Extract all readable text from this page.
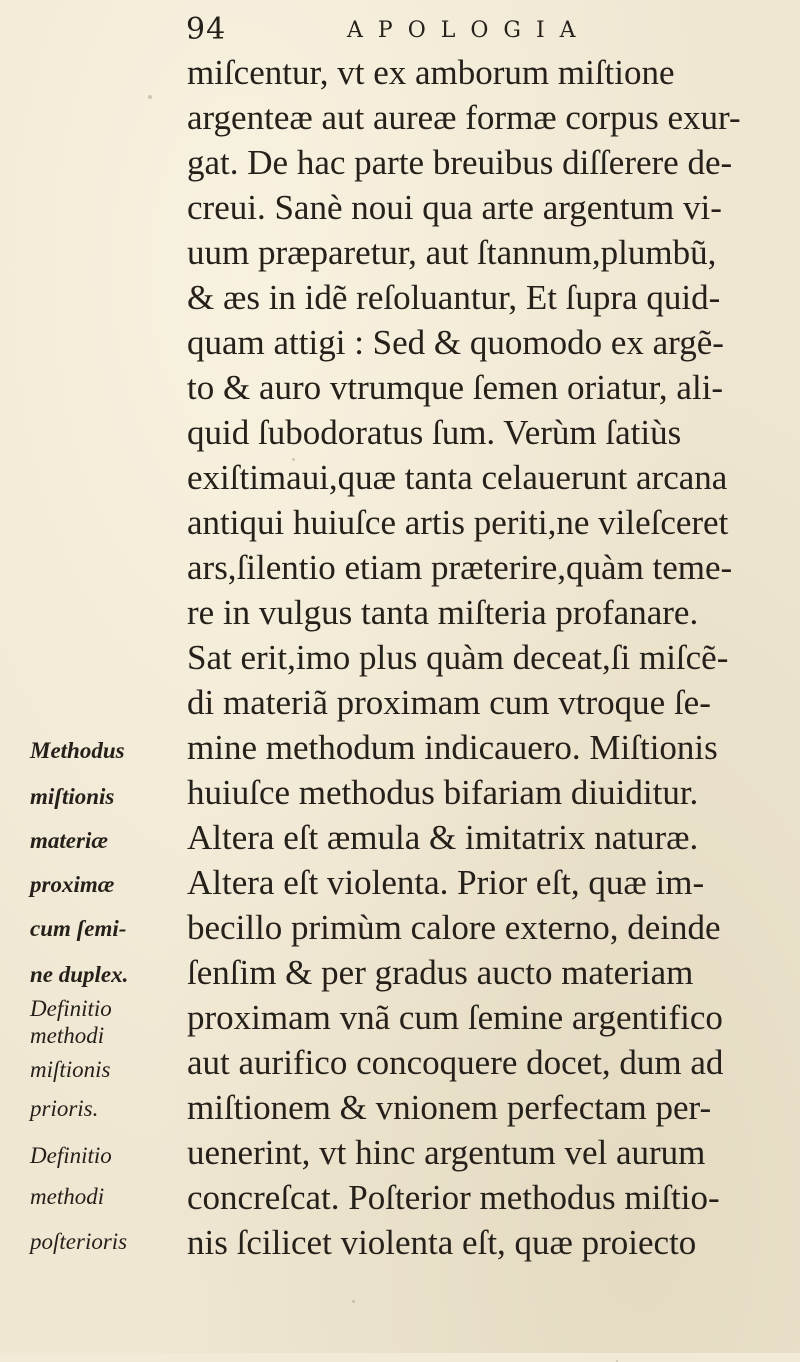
94	APOLOGIA
miſcentur, vt ex amborum miſtione
argenteæ aut aureæ formæ corpus exur-
gat. De hac parte breuibus diſſerere de-
creui. Sanè noui qua arte argentum vi-
uum præparetur, aut ſtannum,plumbũ,
& æs in idẽ reſoluantur, Et ſupra quid-
quam attigi : Sed & quomodo ex argẽ-
to & auro vtrumque ſemen oriatur, ali-
quid ſubodoratus ſum. Verùm ſatiùs
exiſtimaui,quæ tanta celauerunt arcana
antiqui huiuſce artis periti,ne vileſceret
ars,ſilentio etiam præterire,quàm teme-
re in vulgus tanta miſteria profanare.
Sat erit,imo plus quàm deceat,ſi miſcẽ-
di materiã proximam cum vtroque ſe-
mine methodum indicauero. Miſtionis
huiuſce methodus bifariam diuiditur.
Altera eſt æmula & imitatrix naturæ.
Altera eſt violenta. Prior eſt, quæ im-
becillo primùm calore externo, deinde
ſenſim & per gradus aucto materiam
proximam vnã cum ſemine argentifico
aut aurifico concoquere docet, dum ad
miſtionem & vnionem perfectam per-
uenerint, vt hinc argentum vel aurum
concreſcat. Poſterior methodus miſtio-
nis ſcilicet violenta eſt, quæ proiecto
Methodus
miſtionis
materiæ
proximæ
cum ſemi-
ne duplex.
Definitio
methodi
miſtionis
prioris.
Definitio
methodi
poſterioris
